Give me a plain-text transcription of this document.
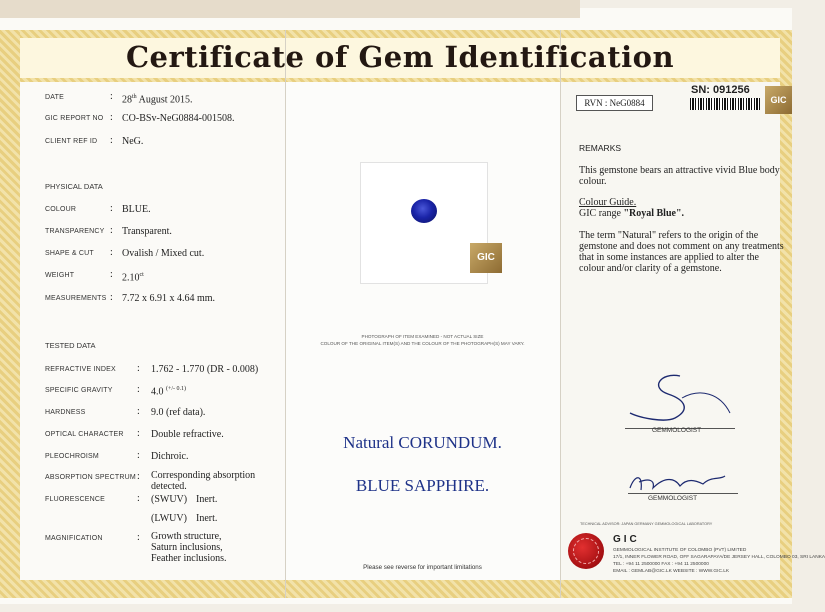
Certificate of Gem Identification
DATE	: 28th August 2015.
GIC REPORT NO : CO-BSv-NeG0884-001508.
CLIENT REF ID : NeG.
PHYSICAL DATA
COLOUR	: BLUE.
TRANSPARENCY : Transparent.
SHAPE & CUT : Ovalish / Mixed cut.
WEIGHT	: $2.10^{ct}$
MEASUREMENTS : 7.72 x 6.91 x 4.64 mm.
TESTED DATA
REFRACTIVE INDEX : 1.762 - 1.770 (DR - 0.008)
SPECIFIC GRAVITY : 4.0 $^{(+/- 0.1)}$
HARDNESS	: 9.0 (ref data).
OPTICAL CHARACTER : Double refractive.
PLEOCHROISM	: Dichroic.
ABSORPTION SPECTRUM : Corresponding absorption
detected.
FLUORESCENCE	: (SWUV) Inert.
(LWUV) Inert.
MAGNIFICATION	: Growth structure,
Saturn inclusions,
Feather inclusions.
GIC
PHOTOGRAPH OF ITEM EXAMINED - NOT ACTUAL SIZE
COLOUR OF THE ORIGINAL ITEM(S) AND THE COLOUR OF THE PHOTOGRAPH(S) MAY VARY.
Natural CORUNDUM.
BLUE SAPPHIRE.
Please see reverse for important limitations
RVN : NeG0884
SN: 091256
GIC
REMARKS
This gemstone bears an attractive vivid Blue body
colour.
Colour Guide.
GIC range "Royal Blue".
The term "Natural" refers to the origin of the
gemstone and does not comment on any treatments
that in some instances are applied to alter the
colour and/or clarity of a gemstone.
GEMMOLOGIST
GEMMOLOGIST
TECHNICAL ADVISOR: JAPAN GERMANY GEMMOLOGICAL LABORATORY
GIC
GEMMOLOGICAL INSTITUTE OF COLOMBO (PVT) LIMITED
17/1, INNER FLOWER ROAD, OFF SAGARAPAYA/DE JERSEY HALL, COLOMBO 03, SRI LANKA
TEL : +94 11 2500000 FAX : +94 11 2500000
EMAIL : GEMLAB@GIC.LK WEBSITE : WWW.GIC.LK
